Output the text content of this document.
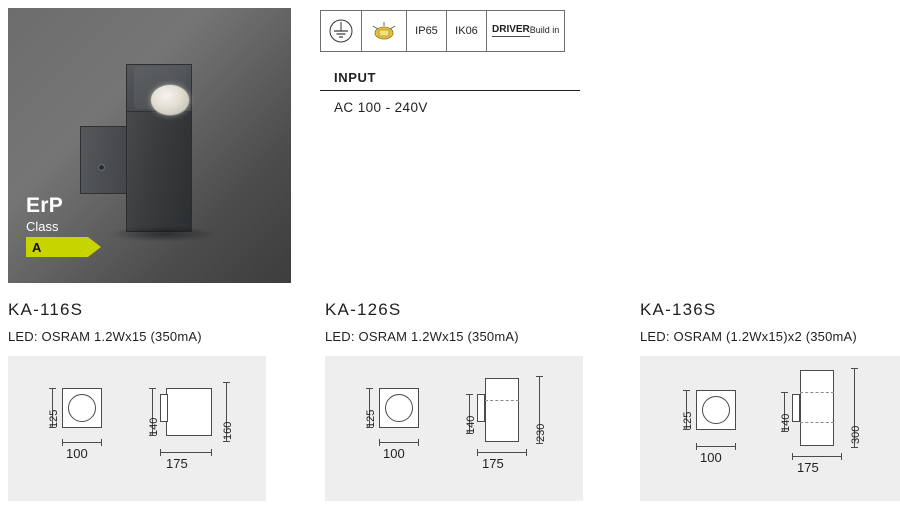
ErP
Class
A
IP65	IK06	DRIVER Build in
INPUT
AC 100 - 240V
KA-116S
LED: OSRAM 1.2Wx15 (350mA)
125
100
140	160
175
KA-126S
LED: OSRAM 1.2Wx15 (350mA)
125
100
140	230
175
KA-136S
LED: OSRAM (1.2Wx15)x2 (350mA)
125
100
140
300
175
